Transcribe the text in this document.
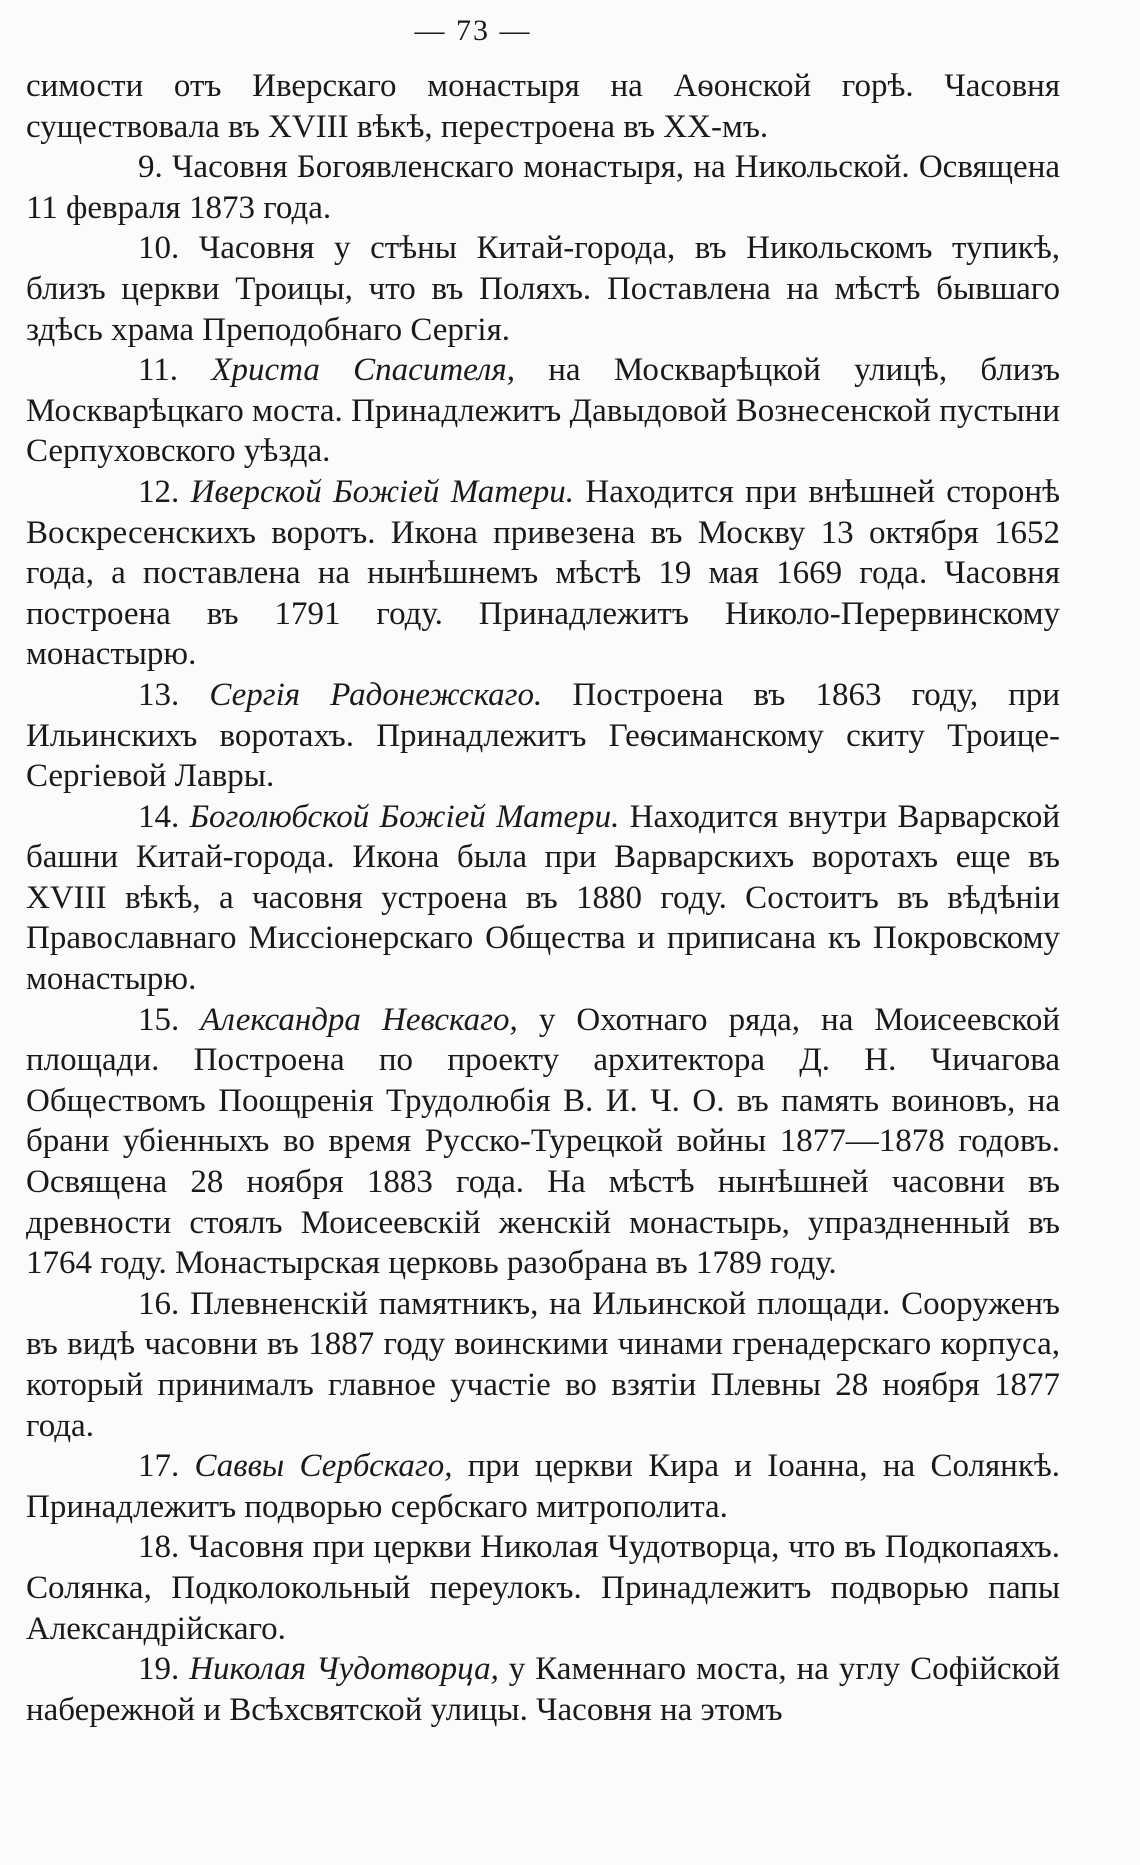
— 73 —

симости отъ Иверскаго монастыря на Аѳонской горѣ. Часовня существовала въ XVIII вѣкѣ, перестроена въ XX-мъ.

9. Часовня Богоявленскаго монастыря, на Никольской. Освящена 11 февраля 1873 года.

10. Часовня у стѣны Китай-города, въ Никольскомъ тупикѣ, близъ церкви Троицы, что въ Поляхъ. Поставлена на мѣстѣ бывшаго здѣсь храма Преподобнаго Сергія.

11. Христа Спасителя, на Москварѣцкой улицѣ, близъ Москварѣцкаго моста. Принадлежитъ Давыдовой Вознесенской пустыни Серпуховского уѣзда.

12. Иверской Божіей Матери. Находится при внѣшней сторонѣ Воскресенскихъ воротъ. Икона привезена въ Москву 13 октября 1652 года, а поставлена на нынѣшнемъ мѣстѣ 19 мая 1669 года. Часовня построена въ 1791 году. Принадлежитъ Николо-Перервинскому монастырю.

13. Сергія Радонежскаго. Построена въ 1863 году, при Ильинскихъ воротахъ. Принадлежитъ Геѳсиманскому скиту Троице-Сергіевой Лавры.

14. Боголюбской Божіей Матери. Находится внутри Варварской башни Китай-города. Икона была при Варварскихъ воротахъ еще въ XVIII вѣкѣ, а часовня устроена въ 1880 году. Состоитъ въ вѣдѣніи Православнаго Миссіонерскаго Общества и приписана къ Покровскому монастырю.

15. Александра Невскаго, у Охотнаго ряда, на Моисеевской площади. Построена по проекту архитектора Д. Н. Чичагова Обществомъ Поощренія Трудолюбія В. И. Ч. О. въ память воиновъ, на брани убіенныхъ во время Русско-Турецкой войны 1877—1878 годовъ. Освящена 28 ноября 1883 года. На мѣстѣ нынѣшней часовни въ древности стоялъ Моисеевскій женскій монастырь, упраздненный въ 1764 году. Монастырская церковь разобрана въ 1789 году.

16. Плевненскій памятникъ, на Ильинской площади. Сооруженъ въ видѣ часовни въ 1887 году воинскими чинами гренадерскаго корпуса, который принималъ главное участіе во взятіи Плевны 28 ноября 1877 года.

17. Саввы Сербскаго, при церкви Кира и Іоанна, на Солянкѣ. Принадлежитъ подворью сербскаго митрополита.

18. Часовня при церкви Николая Чудотворца, что въ Подкопаяхъ. Солянка, Подколокольный переулокъ. Принадлежитъ подворью папы Александрійскаго.

19. Николая Чудотворца, у Каменнаго моста, на углу Софійской набережной и Всѣхсвятской улицы. Часовня на этомъ
